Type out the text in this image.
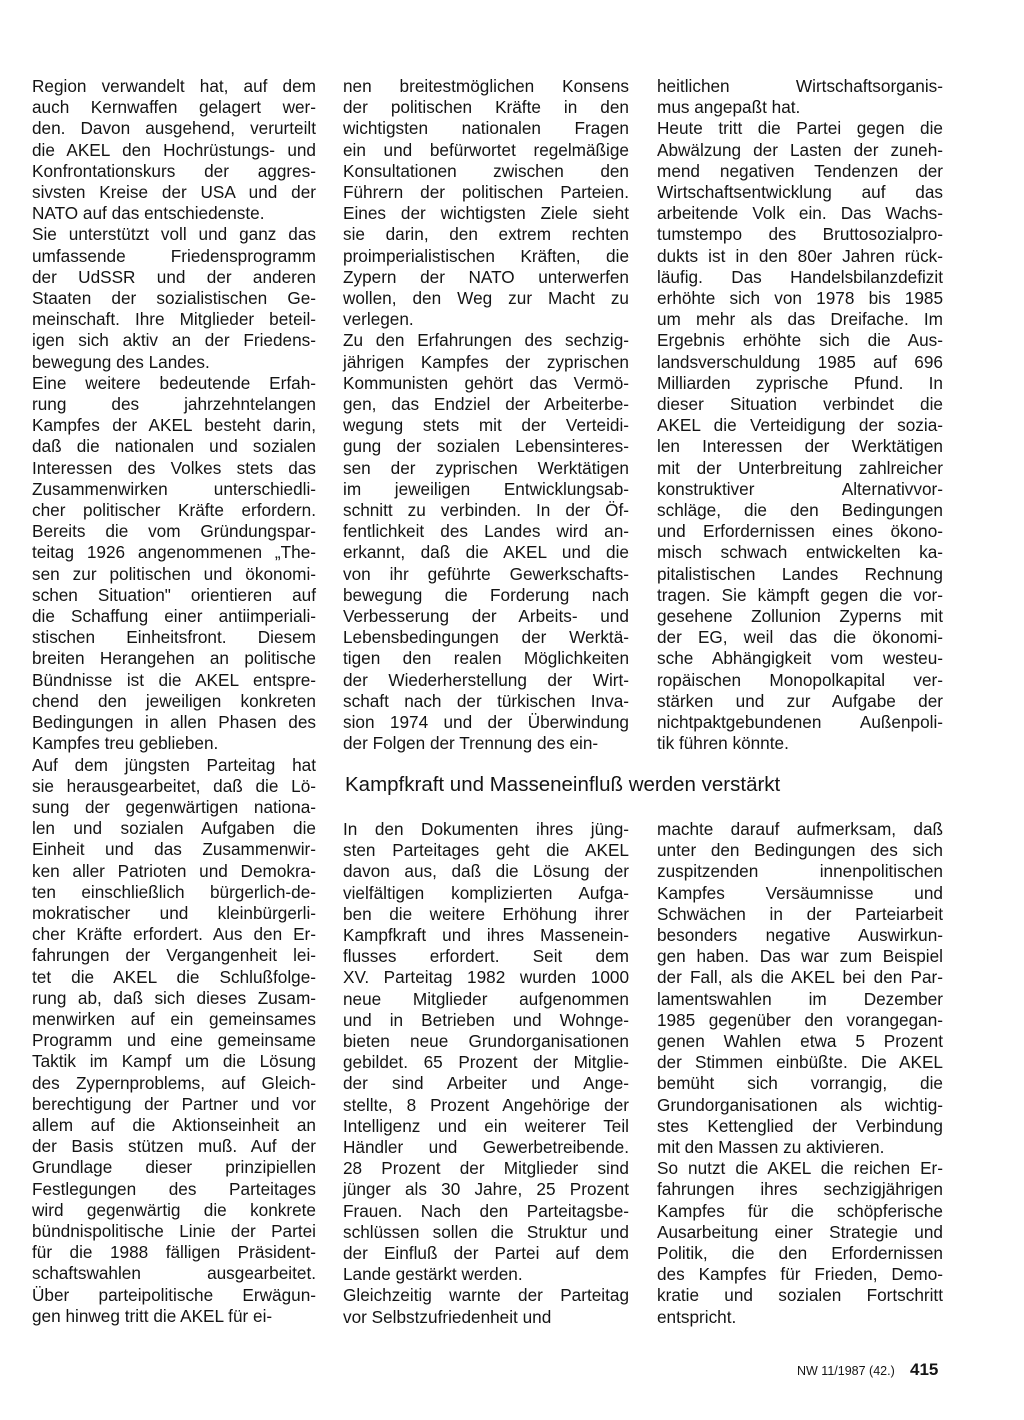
Region verwandelt hat, auf dem

auch Kernwaffen gelagert wer-

den. Davon ausgehend, verurteilt

die AKEL den Hochrüstungs- und

Konfrontationskurs der aggres-

sivsten Kreise der USA und der

NATO auf das entschiedenste.

Sie unterstützt voll und ganz das

umfassende Friedensprogramm

der UdSSR und der anderen

Staaten der sozialistischen Ge-

meinschaft. Ihre Mitglieder beteil-

igen sich aktiv an der Friedens-

bewegung des Landes.

Eine weitere bedeutende Erfah-

rung des jahrzehntelangen

Kampfes der AKEL besteht darin,

daß die nationalen und sozialen

Interessen des Volkes stets das

Zusammenwirken unterschiedli-

cher politischer Kräfte erfordern.

Bereits die vom Gründungspar-

teitag 1926 angenommenen „The-

sen zur politischen und ökonomi-

schen Situation" orientieren auf

die Schaffung einer antiimperiali-

stischen Einheitsfront. Diesem

breiten Herangehen an politische

Bündnisse ist die AKEL entspre-

chend den jeweiligen konkreten

Bedingungen in allen Phasen des

Kampfes treu geblieben.

Auf dem jüngsten Parteitag hat

sie herausgearbeitet, daß die Lö-

sung der gegenwärtigen nationa-

len und sozialen Aufgaben die

Einheit und das Zusammenwir-

ken aller Patrioten und Demokra-

ten einschließlich bürgerlich-de-

mokratischer und kleinbürgerli-

cher Kräfte erfordert. Aus den Er-

fahrungen der Vergangenheit lei-

tet die AKEL die Schlußfolge-

rung ab, daß sich dieses Zusam-

menwirken auf ein gemeinsames

Programm und eine gemeinsame

Taktik im Kampf um die Lösung

des Zypernproblems, auf Gleich-

berechtigung der Partner und vor

allem auf die Aktionseinheit an

der Basis stützen muß. Auf der

Grundlage dieser prinzipiellen

Festlegungen des Parteitages

wird gegenwärtig die konkrete

bündnispolitische Linie der Partei

für die 1988 fälligen Präsident-

schaftswahlen ausgearbeitet.

Über parteipolitische Erwägun-

gen hinweg tritt die AKEL für ei-

nen breitestmöglichen Konsens

der politischen Kräfte in den

wichtigsten nationalen Fragen

ein und befürwortet regelmäßige

Konsultationen zwischen den

Führern der politischen Parteien.

Eines der wichtigsten Ziele sieht

sie darin, den extrem rechten

proimperialistischen Kräften, die

Zypern der NATO unterwerfen

wollen, den Weg zur Macht zu

verlegen.

Zu den Erfahrungen des sechzig-

jährigen Kampfes der zyprischen

Kommunisten gehört das Vermö-

gen, das Endziel der Arbeiterbe-

wegung stets mit der Verteidi-

gung der sozialen Lebensinteres-

sen der zyprischen Werktätigen

im jeweiligen Entwicklungsab-

schnitt zu verbinden. In der Öf-

fentlichkeit des Landes wird an-

erkannt, daß die AKEL und die

von ihr geführte Gewerkschafts-

bewegung die Forderung nach

Verbesserung der Arbeits- und

Lebensbedingungen der Werktä-

tigen den realen Möglichkeiten

der Wiederherstellung der Wirt-

schaft nach der türkischen Inva-

sion 1974 und der Überwindung

der Folgen der Trennung des ein-

heitlichen Wirtschaftsorganis-

mus angepaßt hat.

Heute tritt die Partei gegen die

Abwälzung der Lasten der zuneh-

mend negativen Tendenzen der

Wirtschaftsentwicklung auf das

arbeitende Volk ein. Das Wachs-

tumstempo des Bruttosozialpro-

dukts ist in den 80er Jahren rück-

läufig. Das Handelsbilanzdefizit

erhöhte sich von 1978 bis 1985

um mehr als das Dreifache. Im

Ergebnis erhöhte sich die Aus-

landsverschuldung 1985 auf 696

Milliarden zyprische Pfund. In

dieser Situation verbindet die

AKEL die Verteidigung der sozia-

len Interessen der Werktätigen

mit der Unterbreitung zahlreicher

konstruktiver Alternativvor-

schläge, die den Bedingungen

und Erfordernissen eines ökono-

misch schwach entwickelten ka-

pitalistischen Landes Rechnung

tragen. Sie kämpft gegen die vor-

gesehene Zollunion Zyperns mit

der EG, weil das die ökonomi-

sche Abhängigkeit vom westeu-

ropäischen Monopolkapital ver-

stärken und zur Aufgabe der

nichtpaktgebundenen Außenpoli-

tik führen könnte.

Kampfkraft und Masseneinfluß werden verstärkt

In den Dokumenten ihres jüng-

sten Parteitages geht die AKEL

davon aus, daß die Lösung der

vielfältigen komplizierten Aufga-

ben die weitere Erhöhung ihrer

Kampfkraft und ihres Massenein-

flusses erfordert. Seit dem

XV. Parteitag 1982 wurden 1000

neue Mitglieder aufgenommen

und in Betrieben und Wohnge-

bieten neue Grundorganisationen

gebildet. 65 Prozent der Mitglie-

der sind Arbeiter und Ange-

stellte, 8 Prozent Angehörige der

Intelligenz und ein weiterer Teil

Händler und Gewerbetreibende.

28 Prozent der Mitglieder sind

jünger als 30 Jahre, 25 Prozent

Frauen. Nach den Parteitagsbe-

schlüssen sollen die Struktur und

der Einfluß der Partei auf dem

Lande gestärkt werden.

Gleichzeitig warnte der Parteitag

vor Selbstzufriedenheit und

machte darauf aufmerksam, daß

unter den Bedingungen des sich

zuspitzenden innenpolitischen

Kampfes Versäumnisse und

Schwächen in der Parteiarbeit

besonders negative Auswirkun-

gen haben. Das war zum Beispiel

der Fall, als die AKEL bei den Par-

lamentswahlen im Dezember

1985 gegenüber den vorangegan-

genen Wahlen etwa 5 Prozent

der Stimmen einbüßte. Die AKEL

bemüht sich vorrangig, die

Grundorganisationen als wichtig-

stes Kettenglied der Verbindung

mit den Massen zu aktivieren.

So nutzt die AKEL die reichen Er-

fahrungen ihres sechzigjährigen

Kampfes für die schöpferische

Ausarbeitung einer Strategie und

Politik, die den Erfordernissen

des Kampfes für Frieden, Demo-

kratie und sozialen Fortschritt

entspricht.

NW 11/1987 (42.) 415
